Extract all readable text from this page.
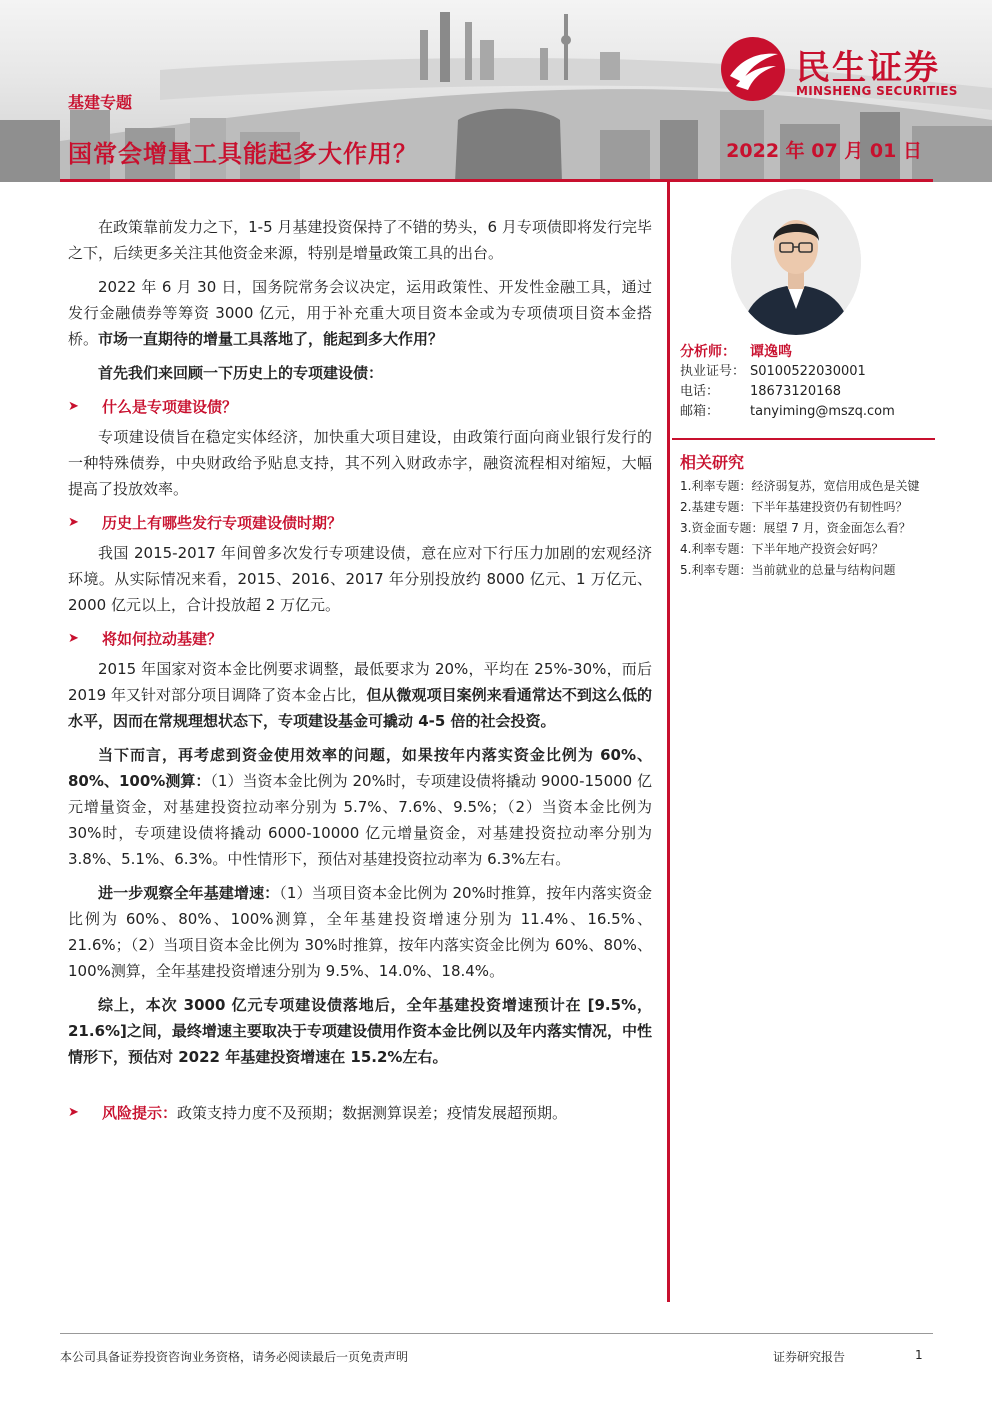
基建专题
国常会增量工具能起多大作用？	2022 年 07 月 01 日
民生证券
MINSHENG SECURITIES

在政策靠前发力之下，1-5 月基建投资保持了不错的势头，6 月专项债即将发行完毕之下，后续更多关注其他资金来源，特别是增量政策工具的出台。

2022 年 6 月 30 日，国务院常务会议决定，运用政策性、开发性金融工具，通过发行金融债券等筹资 3000 亿元，用于补充重大项目资本金或为专项债项目资本金搭桥。市场一直期待的增量工具落地了，能起到多大作用？

首先我们来回顾一下历史上的专项建设债：

➤ 什么是专项建设债？

专项建设债旨在稳定实体经济，加快重大项目建设，由政策行面向商业银行发行的一种特殊债券，中央财政给予贴息支持，其不列入财政赤字，融资流程相对缩短，大幅提高了投放效率。

➤ 历史上有哪些发行专项建设债时期？

我国 2015-2017 年间曾多次发行专项建设债，意在应对下行压力加剧的宏观经济环境。从实际情况来看，2015、2016、2017 年分别投放约 8000 亿元、1 万亿元、2000 亿元以上，合计投放超 2 万亿元。

➤ 将如何拉动基建？

2015 年国家对资本金比例要求调整，最低要求为 20%，平均在 25%-30%，而后 2019 年又针对部分项目调降了资本金占比，但从微观项目案例来看通常达不到这么低的水平，因而在常规理想状态下，专项建设基金可撬动 4-5 倍的社会投资。

当下而言，再考虑到资金使用效率的问题，如果按年内落实资金比例为 60%、80%、100%测算：（1）当资本金比例为 20%时，专项建设债将撬动 9000-15000 亿元增量资金，对基建投资拉动率分别为 5.7%、7.6%、9.5%；（2）当资本金比例为 30%时，专项建设债将撬动 6000-10000 亿元增量资金，对基建投资拉动率分别为 3.8%、5.1%、6.3%。中性情形下，预估对基建投资拉动率为 6.3%左右。

进一步观察全年基建增速：（1）当项目资本金比例为 20%时推算，按年内落实资金比例为 60%、80%、100%测算，全年基建投资增速分别为 11.4%、16.5%、21.6%；（2）当项目资本金比例为 30%时推算，按年内落实资金比例为 60%、80%、100%测算，全年基建投资增速分别为 9.5%、14.0%、18.4%。

综上，本次 3000 亿元专项建设债落地后，全年基建投资增速预计在 [9.5%，21.6%]之间，最终增速主要取决于专项建设债用作资本金比例以及年内落实情况，中性情形下，预估对 2022 年基建投资增速在 15.2%左右。

➤ 风险提示：政策支持力度不及预期；数据测算误差；疫情发展超预期。

分析师：	谭逸鸣
执业证号： S0100522030001
电话：	18673120168
邮箱：	tanyiming@mszq.com
相关研究
1.利率专题：经济弱复苏，宽信用成色是关键
2.基建专题：下半年基建投资仍有韧性吗？
3.资金面专题：展望 7 月，资金面怎么看？
4.利率专题：下半年地产投资会好吗？
5.利率专题：当前就业的总量与结构问题
本公司具备证券投资咨询业务资格，请务必阅读最后一页免责声明	证券研究报告	1
